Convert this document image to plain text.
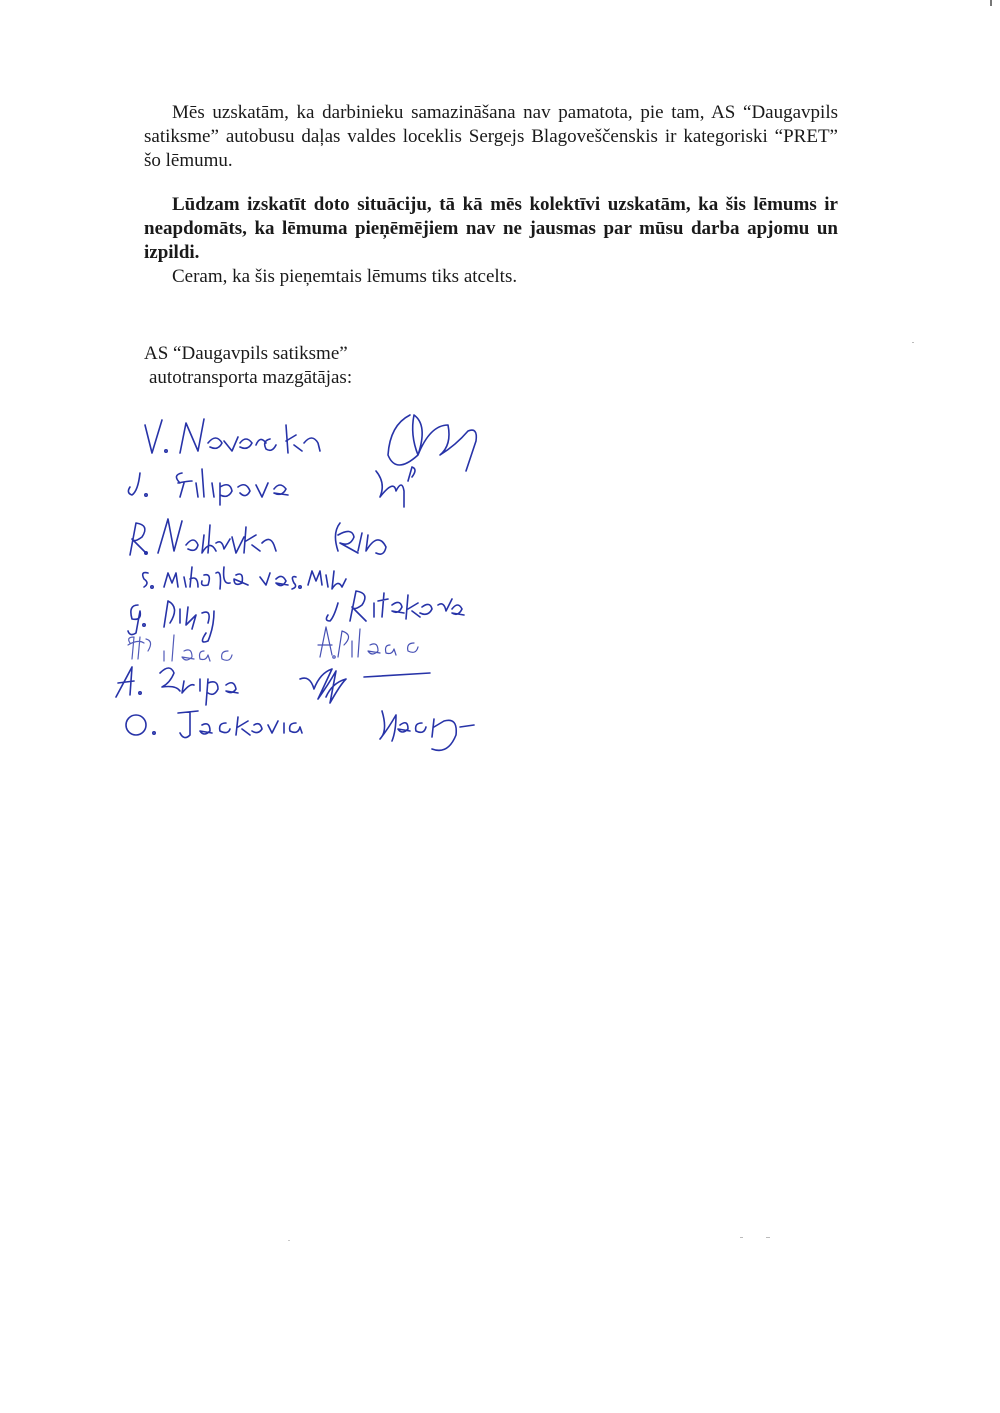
Mēs uzskatām, ka darbinieku samazināšana nav pamatota, pie tam, AS “Daugavpils satiksme” autobusu daļas valdes loceklis Sergejs Blagoveščenskis ir kategoriski “PRET” šo lēmumu.

Lūdzam izskatīt doto situāciju, tā kā mēs kolektīvi uzskatām, ka šis lēmums ir neapdomāts, ka lēmuma pieņēmējiem nav ne jausmas par mūsu darba apjomu un izpildi.

Ceram, ka šis pieņemtais lēmums tiks atcelts.

AS “Daugavpils satiksme”
autotransporta mazgātājas:
